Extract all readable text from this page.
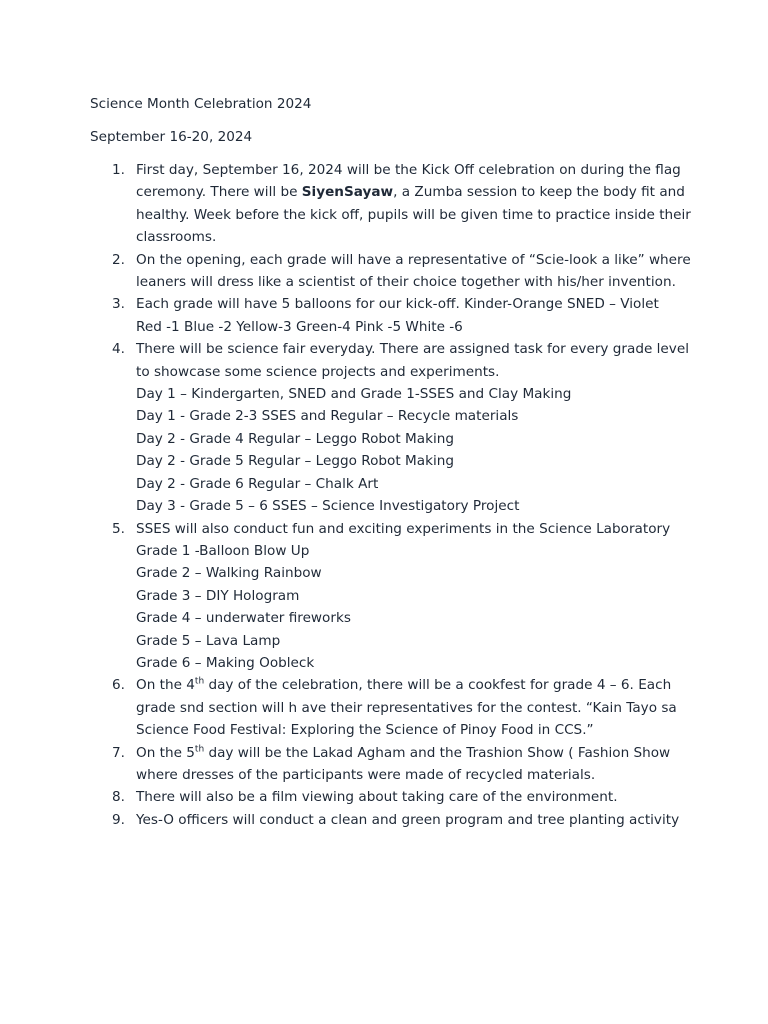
Science Month Celebration 2024
September 16-20, 2024
1. First day, September 16, 2024 will be the Kick Off celebration on during the flag
ceremony. There will be SiyenSayaw, a Zumba session to keep the body fit and
healthy. Week before the kick off, pupils will be given time to practice inside their
classrooms.
2. On the opening, each grade will have a representative of “Scie-look a like” where
leaners will dress like a scientist of their choice together with his/her invention.
3. Each grade will have 5 balloons for our kick-off. Kinder-Orange SNED – Violet
Red -1 Blue -2 Yellow-3 Green-4 Pink -5 White -6
4. There will be science fair everyday. There are assigned task for every grade level
to showcase some science projects and experiments.
Day 1 – Kindergarten, SNED and Grade 1-SSES and Clay Making
Day 1 - Grade 2-3 SSES and Regular – Recycle materials
Day 2 - Grade 4 Regular – Leggo Robot Making
Day 2 - Grade 5 Regular – Leggo Robot Making
Day 2 - Grade 6 Regular – Chalk Art
Day 3 - Grade 5 – 6 SSES – Science Investigatory Project
5. SSES will also conduct fun and exciting experiments in the Science Laboratory
Grade 1 -Balloon Blow Up
Grade 2 – Walking Rainbow
Grade 3 – DIY Hologram
Grade 4 – underwater fireworks
Grade 5 – Lava Lamp
Grade 6 – Making Oobleck
6. On the 4th day of the celebration, there will be a cookfest for grade 4 – 6. Each
grade snd section will h ave their representatives for the contest. “Kain Tayo sa
Science Food Festival: Exploring the Science of Pinoy Food in CCS.”
7. On the 5th day will be the Lakad Agham and the Trashion Show ( Fashion Show
where dresses of the participants were made of recycled materials.
8. There will also be a film viewing about taking care of the environment.
9. Yes-O officers will conduct a clean and green program and tree planting activity
